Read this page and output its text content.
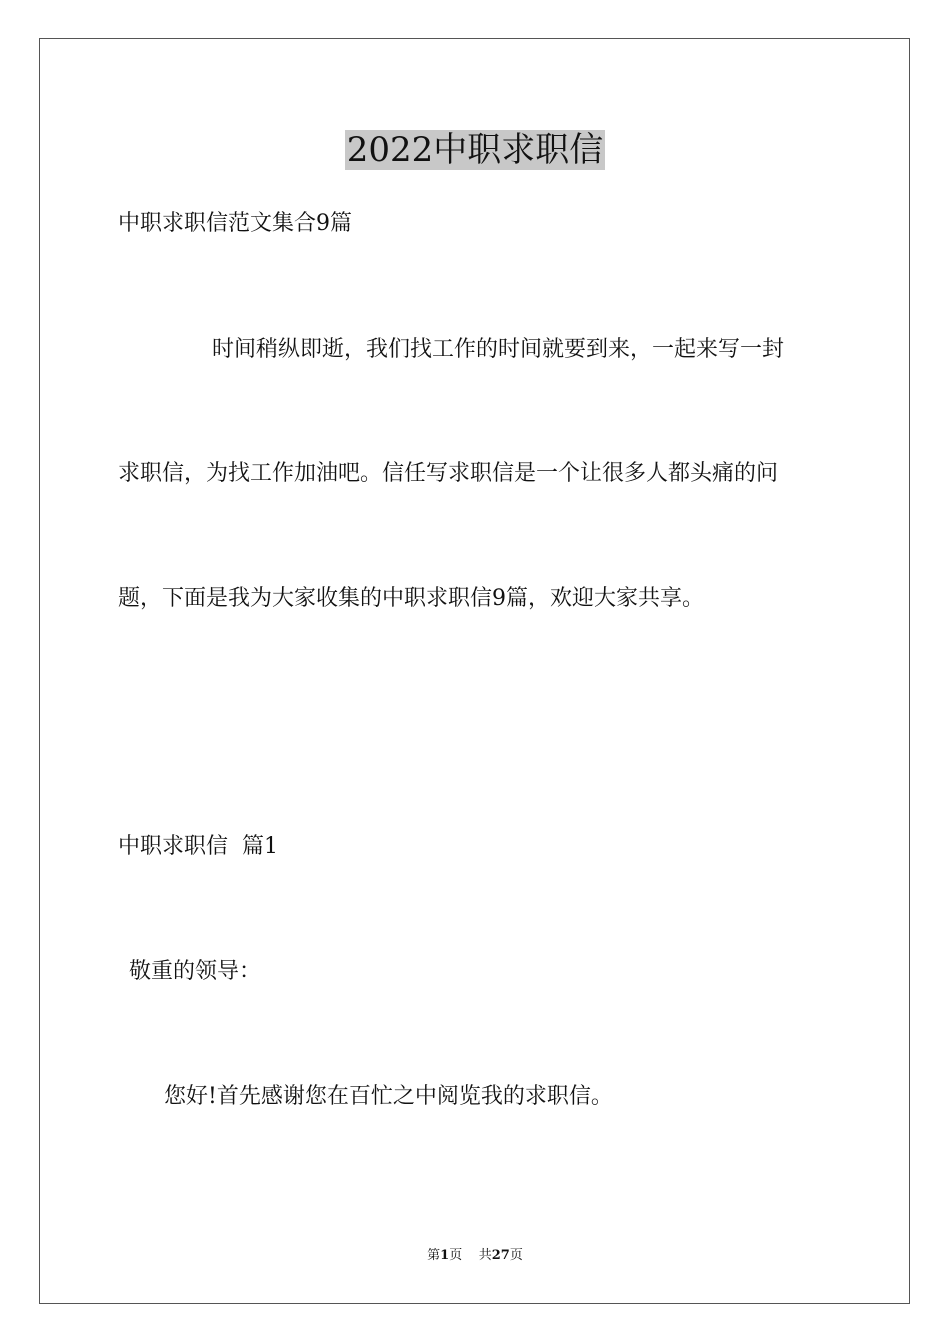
2022中职求职信
中职求职信范文集合9篇
时间稍纵即逝，我们找工作的时间就要到来，一起来写一封
求职信，为找工作加油吧。信任写求职信是一个让很多人都头痛的问
题，下面是我为大家收集的中职求职信9篇，欢迎大家共享。
中职求职信  篇1
敬重的领导：
您好!首先感谢您在百忙之中阅览我的求职信。
第1页 共27页
